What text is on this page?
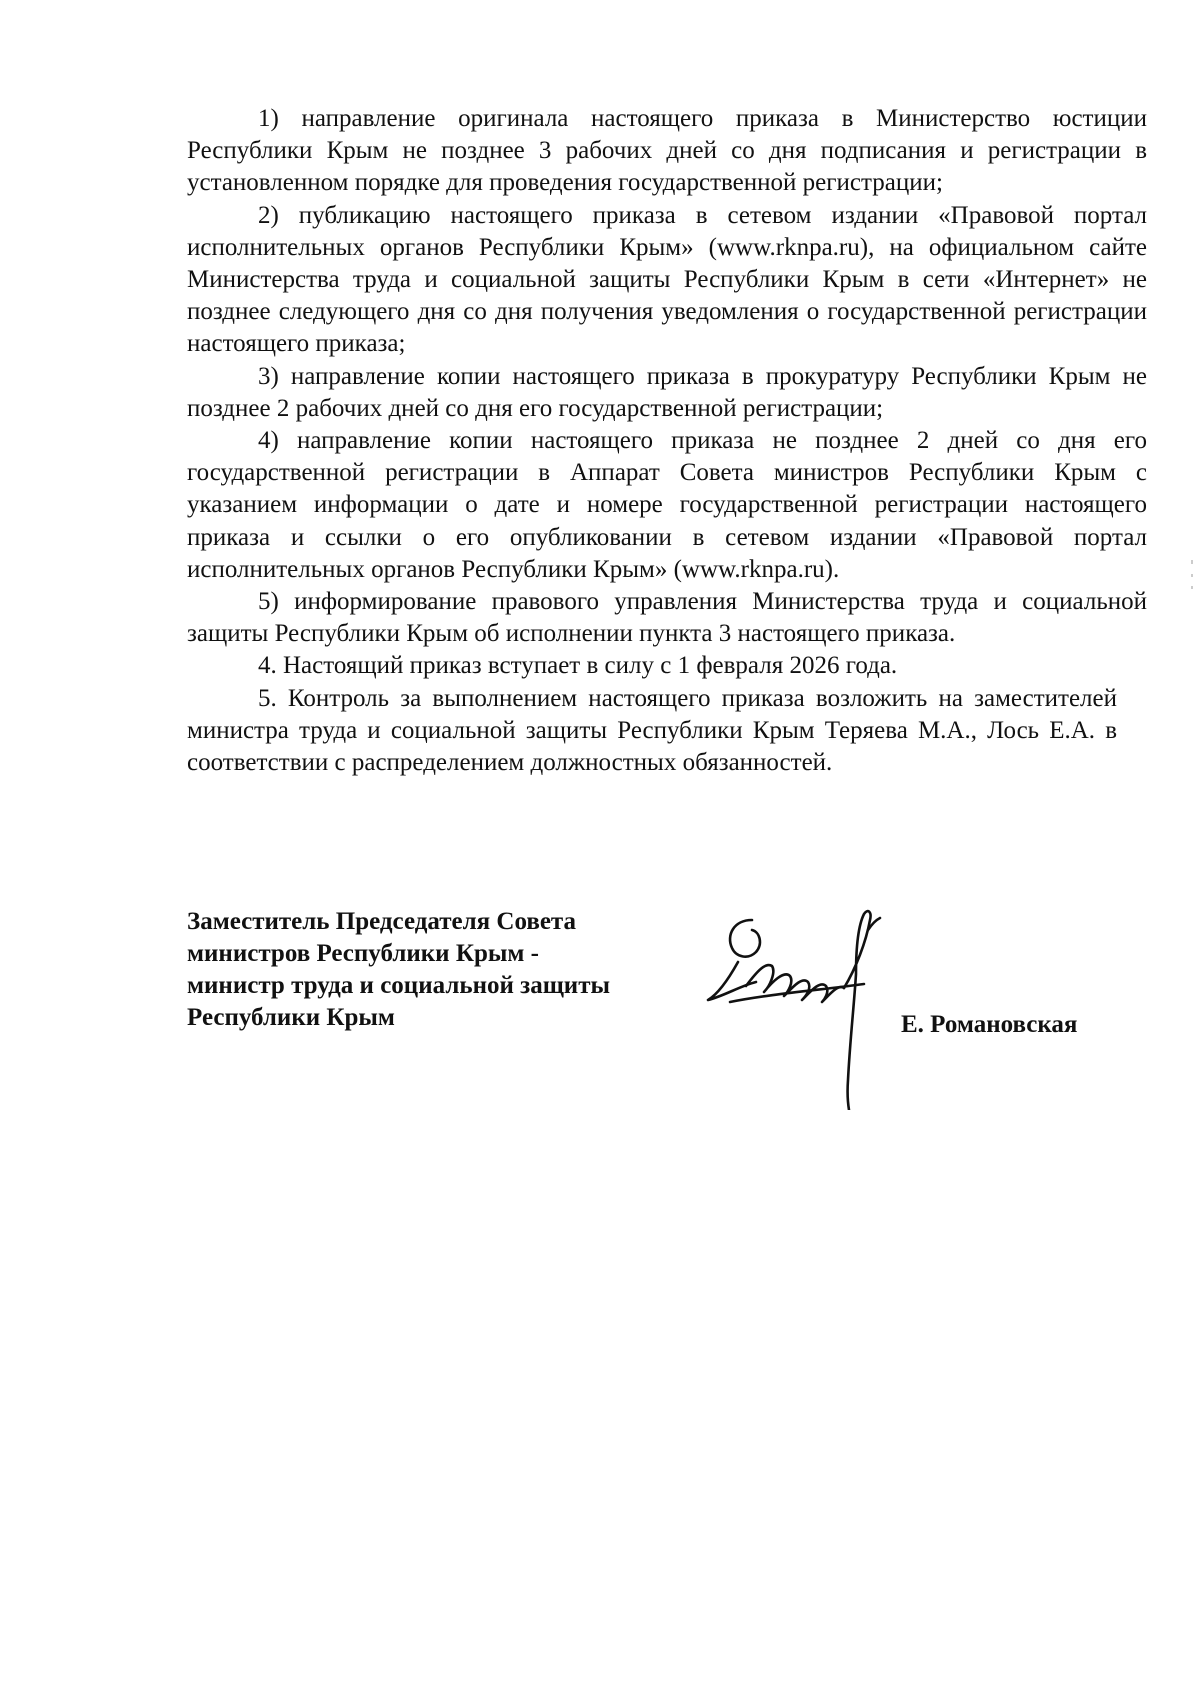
1) направление оригинала настоящего приказа в Министерство юстиции Республики Крым не позднее 3 рабочих дней со дня подписания и регистрации в установленном порядке для проведения государственной регистрации;

2) публикацию настоящего приказа в сетевом издании «Правовой портал исполнительных органов Республики Крым» (www.rknpa.ru), на официальном сайте Министерства труда и социальной защиты Республики Крым в сети «Интернет» не позднее следующего дня со дня получения уведомления о государственной регистрации настоящего приказа;

3) направление копии настоящего приказа в прокуратуру Республики Крым не позднее 2 рабочих дней со дня его государственной регистрации;

4) направление копии настоящего приказа не позднее 2 дней со дня его государственной регистрации в Аппарат Совета министров Республики Крым с указанием информации о дате и номере государственной регистрации настоящего приказа и ссылки о его опубликовании в сетевом издании «Правовой портал исполнительных органов Республики Крым» (www.rknpa.ru).

5) информирование правового управления Министерства труда и социальной защиты Республики Крым об исполнении пункта 3 настоящего приказа.

4. Настоящий приказ вступает в силу с 1 февраля 2026 года.

5. Контроль за выполнением настоящего приказа возложить на заместителей министра труда и социальной защиты Республики Крым Теряева М.А., Лось Е.А. в соответствии с распределением должностных обязанностей.

Заместитель Председателя Совета
министров Республики Крым -
министр труда и социальной защиты
Республики Крым	Е. Романовская
